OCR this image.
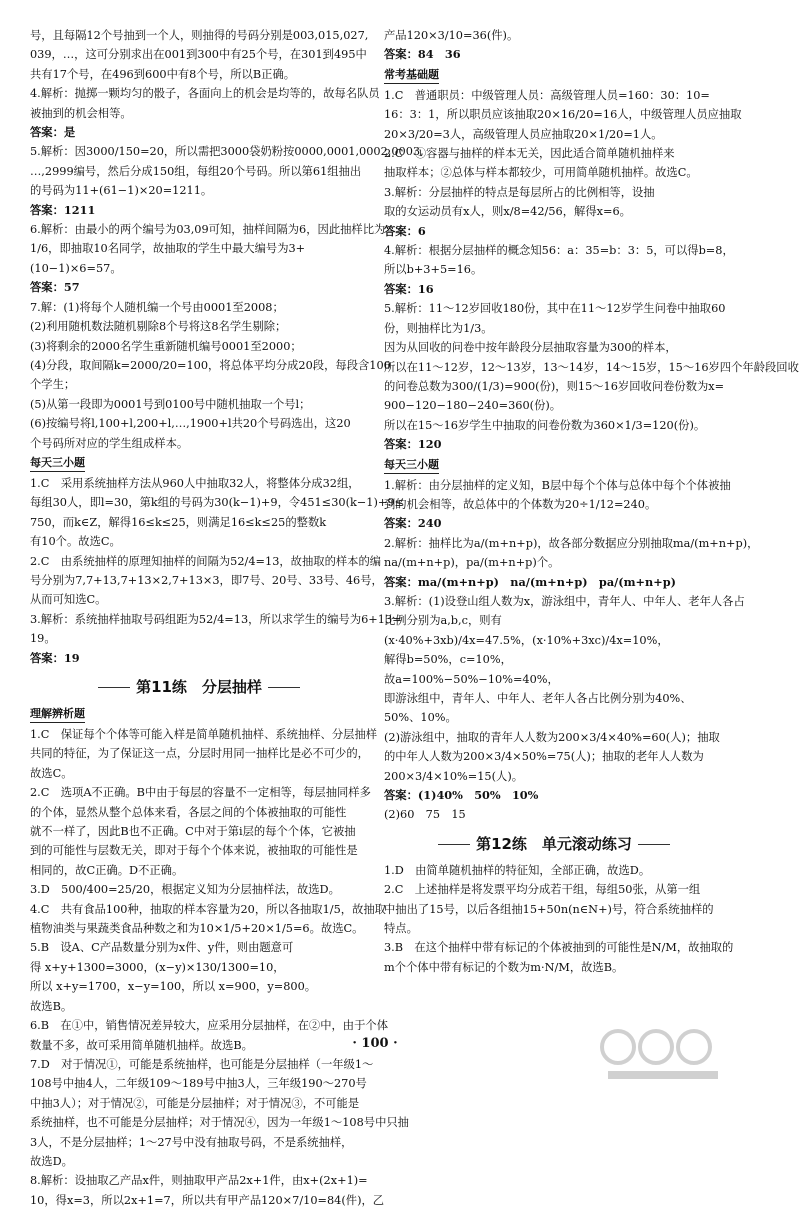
号，且每隔12个号抽到一个人，则抽得的号码分别是003,015,027,
039，…，这可分别求出在001到300中有25个号，在301到495中
共有17个号，在496到600中有8个号，所以B正确。
4.解析：抛掷一颗均匀的骰子，各面向上的机会是均等的，故每名队员
被抽到的机会相等。
答案：是
5.解析：因3000/150=20，所以需把3000袋奶粉按0000,0001,0002,0003,
…,2999编号，然后分成150组，每组20个号码。所以第61组抽出
的号码为11+(61−1)×20=1211。
答案：1211
6.解析：由最小的两个编号为03,09可知，抽样间隔为6，因此抽样比为
1/6，即抽取10名同学，故抽取的学生中最大编号为3+
(10−1)×6=57。
答案：57
7.解：(1)将每个人随机编一个号由0001至2008；
(2)利用随机数法随机剔除8个号将这8名学生剔除；
(3)将剩余的2000名学生重新随机编号0001至2000；
(4)分段，取间隔k=2000/20=100，将总体平均分成20段，每段含100
个学生；
(5)从第一段即为0001号到0100号中随机抽取一个号l；
(6)按编号将l,100+l,200+l,…,1900+l共20个号码选出，这20
个号码所对应的学生组成样本。
每天三小题
1.C　采用系统抽样方法从960人中抽取32人，将整体分成32组，
每组30人，即l=30，第k组的号码为30(k−1)+9，令451≤30(k−1)+9≤
750，而k∈Z，解得16≤k≤25，则满足16≤k≤25的整数k
有10个。故选C。
2.C　由系统抽样的原理知抽样的间隔为52/4=13，故抽取的样本的编
号分别为7,7+13,7+13×2,7+13×3，即7号、20号、33号、46号，
从而可知选C。
3.解析：系统抽样抽取号码组距为52/4=13，所以求学生的编号为6+13=
19。
答案：19
第11练　分层抽样
理解辨析题
1.C　保证每个个体等可能入样是简单随机抽样、系统抽样、分层抽样
共同的特征，为了保证这一点，分层时用同一抽样比是必不可少的，
故选C。
2.C　选项A不正确。B中由于每层的容量不一定相等，每层抽同样多
的个体，显然从整个总体来看，各层之间的个体被抽取的可能性
就不一样了，因此B也不正确。C中对于第i层的每个个体，它被抽
到的可能性与层数无关，即对于每个个体来说，被抽取的可能性是
相同的，故C正确。D不正确。
3.D　500/400=25/20，根据定义知为分层抽样法，故选D。
4.C　共有食品100种，抽取的样本容量为20，所以各抽取1/5，故抽取
植物油类与果蔬类食品种数之和为10×1/5+20×1/5=6。故选C。
5.B　设A、C产品数量分别为x件、y件，则由题意可
得 x+y+1300=3000，(x−y)×130/1300=10，
所以 x+y=1700，x−y=100，所以 x=900，y=800。
故选B。
6.B　在①中，销售情况差异较大，应采用分层抽样，在②中，由于个体
数量不多，故可采用简单随机抽样。故选B。
7.D　对于情况①，可能是系统抽样，也可能是分层抽样（一年级1～
108号中抽4人，二年级109～189号中抽3人，三年级190～270号
中抽3人）；对于情况②，可能是分层抽样；对于情况③，不可能是
系统抽样，也不可能是分层抽样；对于情况④，因为一年级1～108号中只抽
3人，不是分层抽样；1～27号中没有抽取号码，不是系统抽样，
故选D。
8.解析：设抽取乙产品x件，则抽取甲产品2x+1件，由x+(2x+1)=
10，得x=3，所以2x+1=7，所以共有甲产品120×7/10=84(件)，乙
产品120×3/10=36(件)。
答案：84　36
常考基础题
1.C　普通职员：中级管理人员：高级管理人员=160：30：10=
16：3：1，所以职员应该抽取20×16/20=16人，中级管理人员应抽取
20×3/20=3人，高级管理人员应抽取20×1/20=1人。
2.C　①容器与抽样的样本无关，因此适合简单随机抽样来
抽取样本；②总体与样本都较少，可用简单随机抽样。故选C。
3.解析：分层抽样的特点是每层所占的比例相等，设抽
取的女运动员有x人，则x/8=42/56，解得x=6。
答案：6
4.解析：根据分层抽样的概念知56：a：35=b：3：5，可以得b=8，
所以b+3+5=16。
答案：16
5.解析：11～12岁回收180份，其中在11～12岁学生问卷中抽取60
份，则抽样比为1/3。
因为从回收的问卷中按年龄段分层抽取容量为300的样本，
所以在11～12岁，12～13岁，13～14岁，14～15岁，15～16岁四个年龄段回收
的问卷总数为300/(1/3)=900(份)，则15～16岁回收问卷份数为x=
900−120−180−240=360(份)。
所以在15～16岁学生中抽取的问卷份数为360×1/3=120(份)。
答案：120
每天三小题
1.解析：由分层抽样的定义知，B层中每个个体与总体中每个个体被抽
到的机会相等，故总体中的个体数为20÷1/12=240。
答案：240
2.解析：抽样比为a/(m+n+p)，故各部分数据应分别抽取ma/(m+n+p)，
na/(m+n+p)，pa/(m+n+p)个。
答案：ma/(m+n+p)　na/(m+n+p)　pa/(m+n+p)
3.解析：(1)设登山组人数为x，游泳组中，青年人、中年人、老年人各占
比例分别为a,b,c，则有
(x·40%+3xb)/4x=47.5%，(x·10%+3xc)/4x=10%，
解得b=50%，c=10%，
故a=100%−50%−10%=40%，
即游泳组中，青年人、中年人、老年人各占比例分别为40%、
50%、10%。
(2)游泳组中，抽取的青年人人数为200×3/4×40%=60(人)；抽取
的中年人人数为200×3/4×50%=75(人)；抽取的老年人人数为
200×3/4×10%=15(人)。
答案：(1)40%　50%　10%
(2)60　75　15
第12练　单元滚动练习
1.D　由简单随机抽样的特征知，全部正确，故选D。
2.C　上述抽样是将发票平均分成若干组，每组50张，从第一组
中抽出了15号，以后各组抽15+50n(n∈N+)号，符合系统抽样的
特点。
3.B　在这个抽样中带有标记的个体被抽到的可能性是N/M，故抽取的
m个个体中带有标记的个数为m·N/M，故选B。
· 100 ·
